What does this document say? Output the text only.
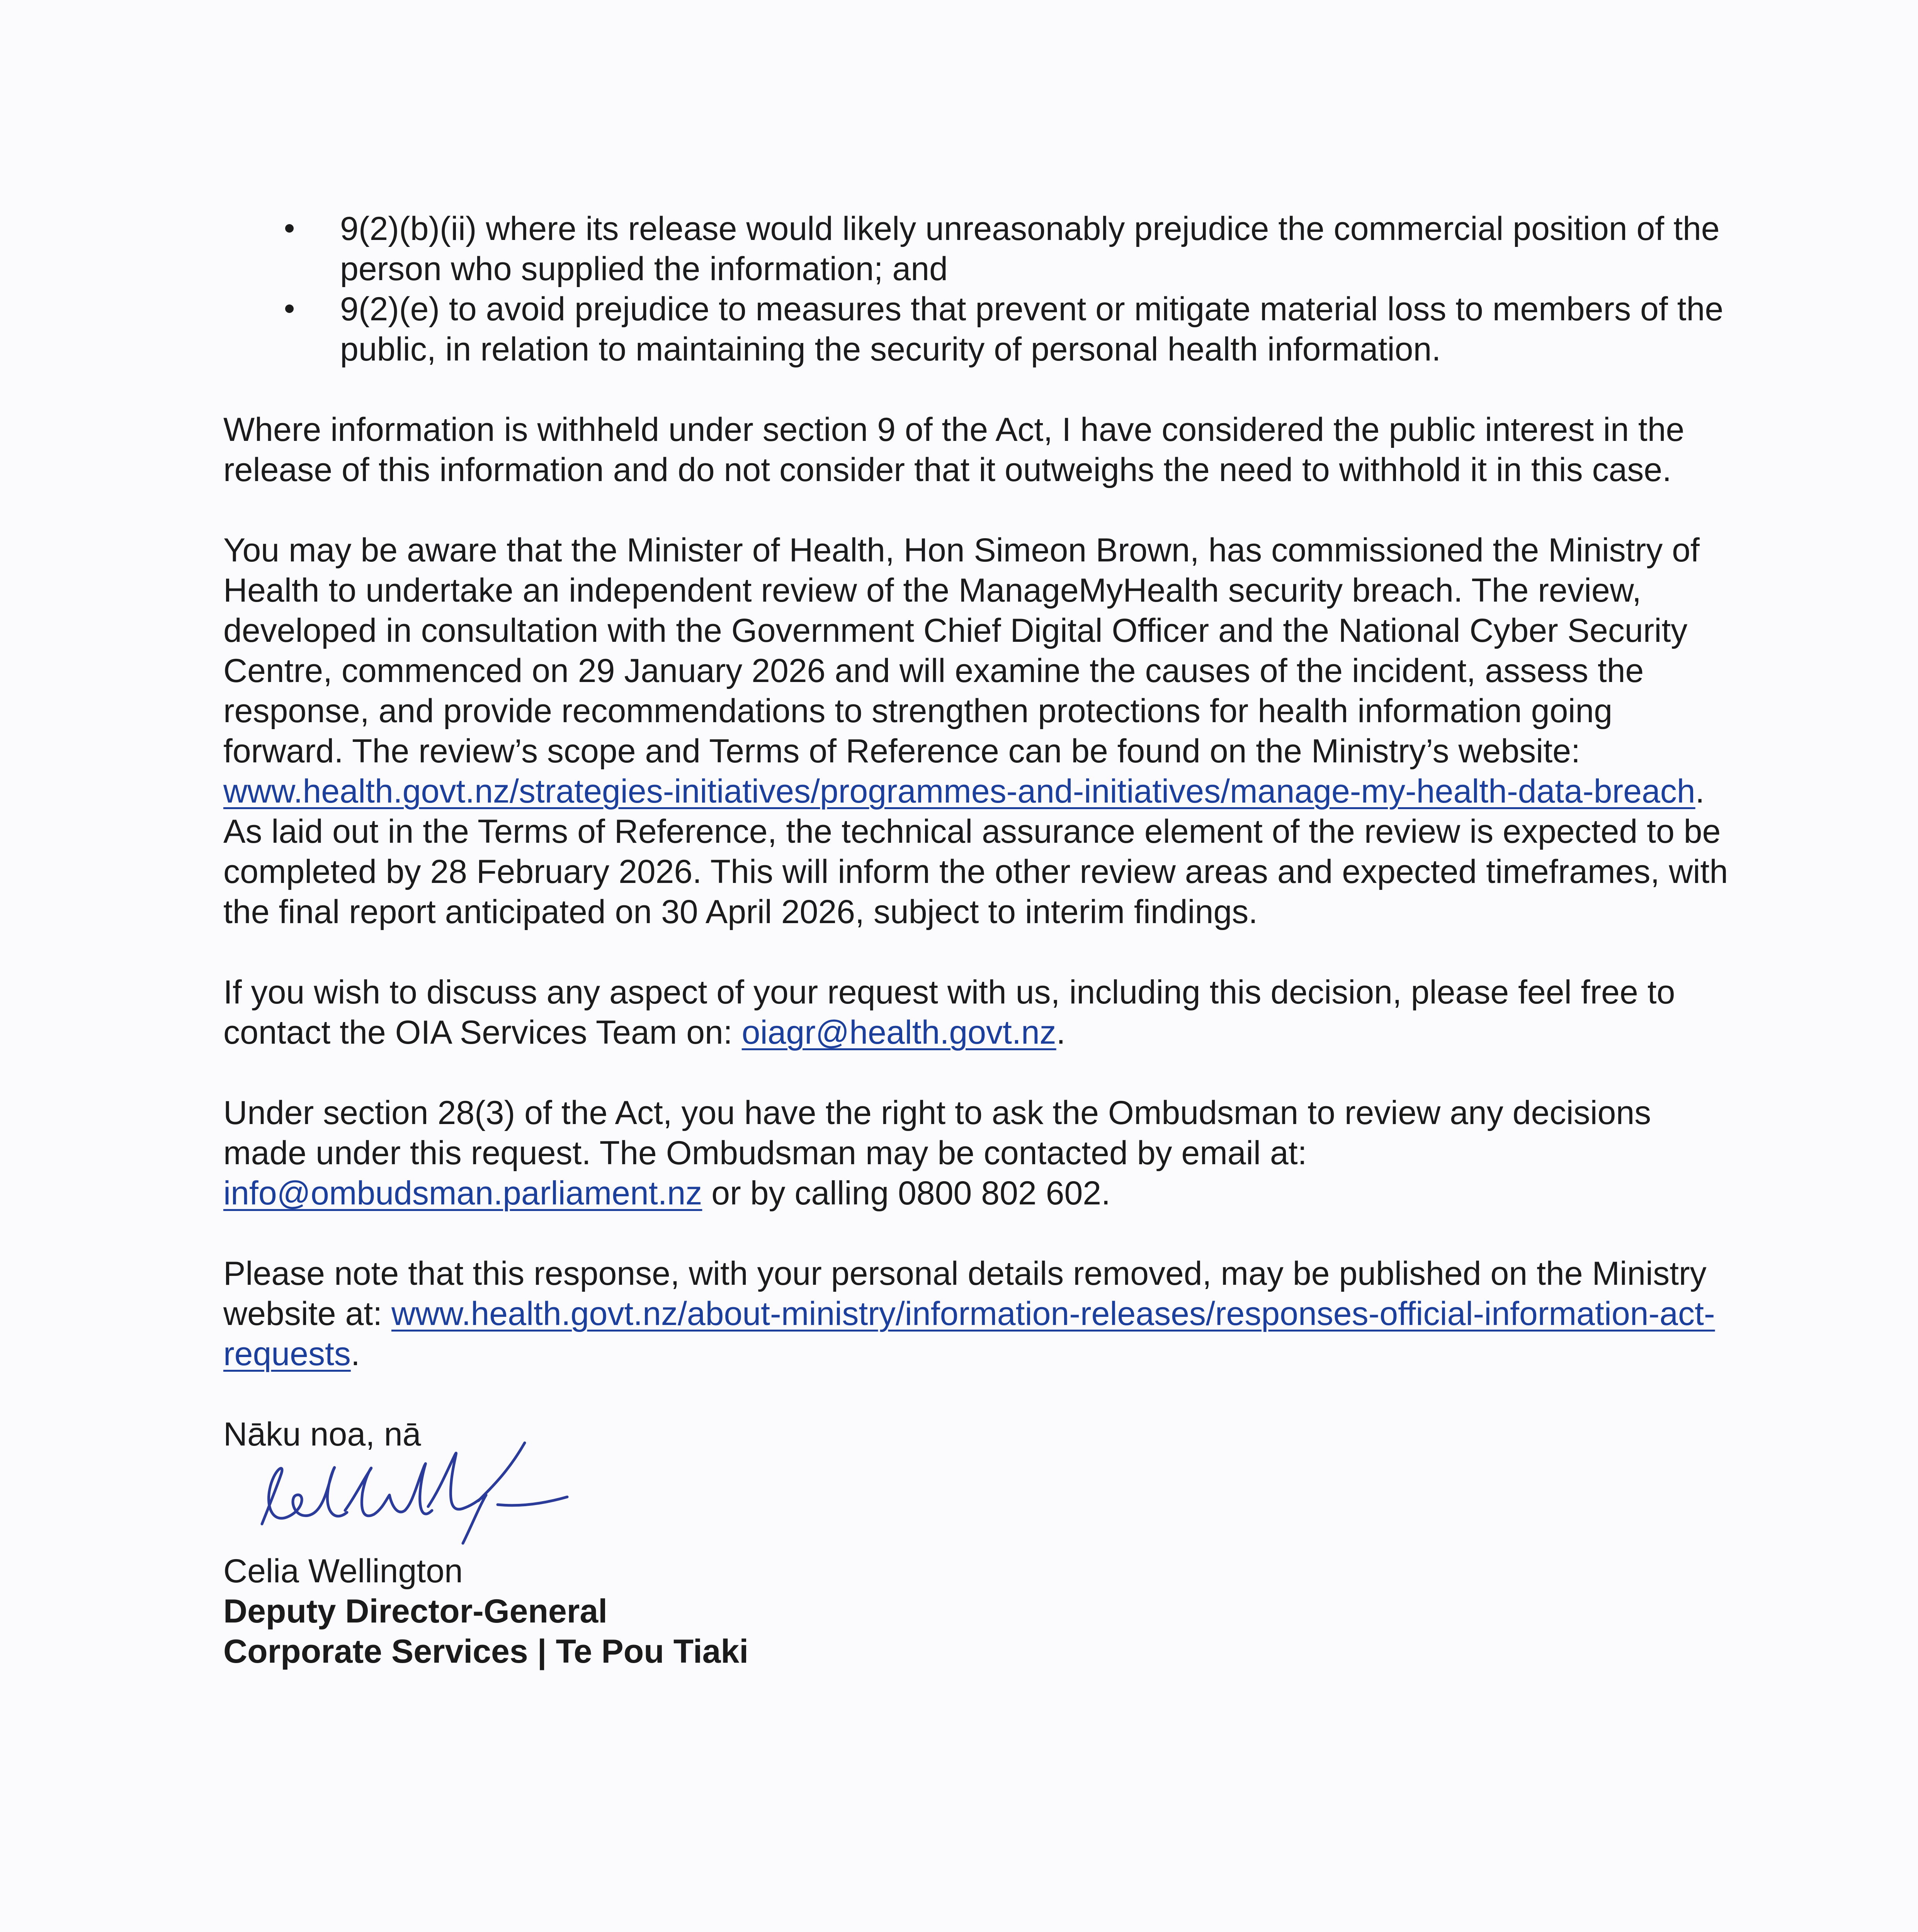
9(2)(b)(ii) where its release would likely unreasonably prejudice the commercial position of the person who supplied the information; and
9(2)(e) to avoid prejudice to measures that prevent or mitigate material loss to members of the public, in relation to maintaining the security of personal health information.

Where information is withheld under section 9 of the Act, I have considered the public interest in the release of this information and do not consider that it outweighs the need to withhold it in this case.

You may be aware that the Minister of Health, Hon Simeon Brown, has commissioned the Ministry of Health to undertake an independent review of the ManageMyHealth security breach. The review, developed in consultation with the Government Chief Digital Officer and the National Cyber Security Centre, commenced on 29 January 2026 and will examine the causes of the incident, assess the response, and provide recommendations to strengthen protections for health information going forward. The review’s scope and Terms of Reference can be found on the Ministry’s website: www.health.govt.nz/strategies-initiatives/programmes-and-initiatives/manage-my-health-data-breach. As laid out in the Terms of Reference, the technical assurance element of the review is expected to be completed by 28 February 2026. This will inform the other review areas and expected timeframes, with the final report anticipated on 30 April 2026, subject to interim findings.

If you wish to discuss any aspect of your request with us, including this decision, please feel free to contact the OIA Services Team on: oiagr@health.govt.nz.

Under section 28(3) of the Act, you have the right to ask the Ombudsman to review any decisions made under this request. The Ombudsman may be contacted by email at: info@ombudsman.parliament.nz or by calling 0800 802 602.

Please note that this response, with your personal details removed, may be published on the Ministry website at: www.health.govt.nz/about-ministry/information-releases/responses-official-information-act-requests.

Nāku noa, nā

Celia Wellington
Deputy Director-General
Corporate Services | Te Pou Tiaki
